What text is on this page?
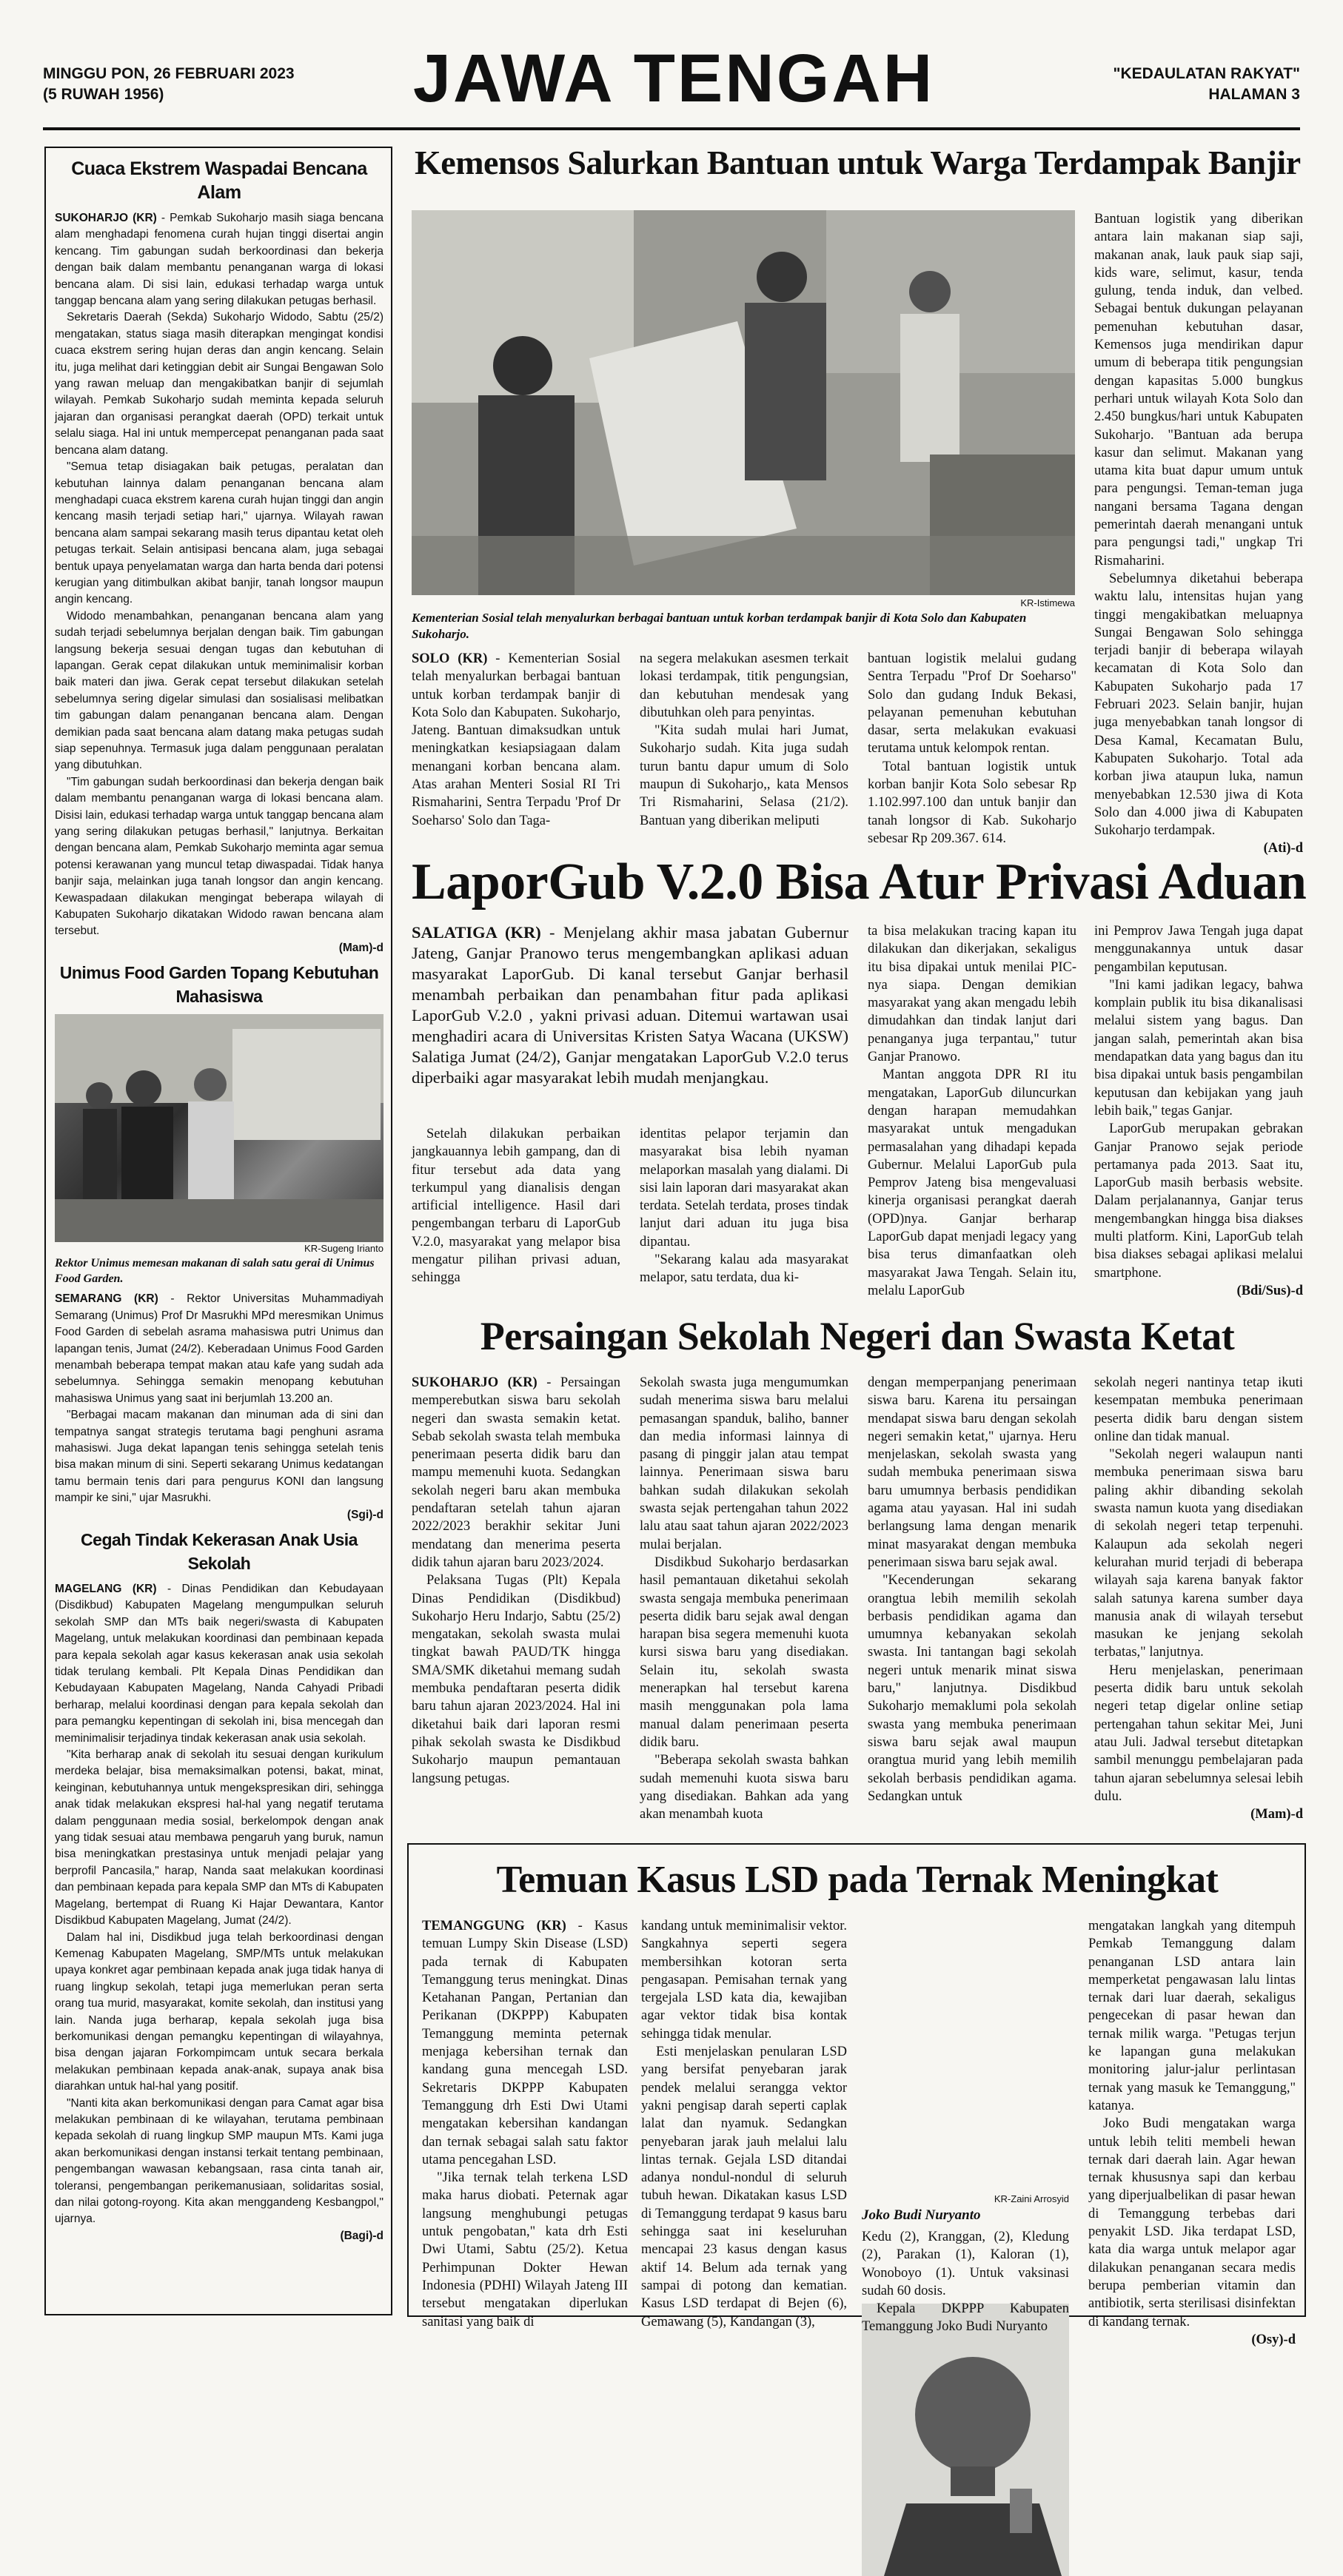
MINGGU PON, 26 FEBRUARI 2023
(5 RUWAH 1956)	JAWA TENGAH	"KEDAULATAN RAKYAT"
HALAMAN 3
Cuaca Ekstrem Waspadai Bencana Alam

SUKOHARJO (KR) - Pemkab Sukoharjo masih siaga bencana alam menghadapi fenomena curah hujan tinggi disertai angin kencang. Tim gabungan sudah berkoordinasi dan bekerja dengan baik dalam membantu penanganan warga di lokasi bencana alam. Di sisi lain, edukasi terhadap warga untuk tanggap bencana alam yang sering dilakukan petugas berhasil.

Sekretaris Daerah (Sekda) Sukoharjo Widodo, Sabtu (25/2) mengatakan, status siaga masih diterapkan mengingat kondisi cuaca ekstrem sering hujan deras dan angin kencang. Selain itu, juga melihat dari ketinggian debit air Sungai Bengawan Solo yang rawan meluap dan mengakibatkan banjir di sejumlah wilayah. Pemkab Sukoharjo sudah meminta kepada seluruh jajaran dan organisasi perangkat daerah (OPD) terkait untuk selalu siaga. Hal ini untuk mempercepat penanganan pada saat bencana alam datang.

"Semua tetap disiagakan baik petugas, peralatan dan kebutuhan lainnya dalam penanganan bencana alam menghadapi cuaca ekstrem karena curah hujan tinggi dan angin kencang masih terjadi setiap hari," ujarnya. Wilayah rawan bencana alam sampai sekarang masih terus dipantau ketat oleh petugas terkait. Selain antisipasi bencana alam, juga sebagai bentuk upaya penyelamatan warga dan harta benda dari potensi kerugian yang ditimbulkan akibat banjir, tanah longsor maupun angin kencang.

Widodo menambahkan, penanganan bencana alam yang sudah terjadi sebelumnya berjalan dengan baik. Tim gabungan langsung bekerja sesuai dengan tugas dan kebutuhan di lapangan. Gerak cepat dilakukan untuk meminimalisir korban baik materi dan jiwa. Gerak cepat tersebut dilakukan setelah sebelumnya sering digelar simulasi dan sosialisasi melibatkan tim gabungan dalam penanganan bencana alam. Dengan demikian pada saat bencana alam datang maka petugas sudah siap sepenuhnya. Termasuk juga dalam penggunaan peralatan yang dibutuhkan.

"Tim gabungan sudah berkoordinasi dan bekerja dengan baik dalam membantu penanganan warga di lokasi bencana alam. Disisi lain, edukasi terhadap warga untuk tanggap bencana alam yang sering dilakukan petugas berhasil," lanjutnya. Berkaitan dengan bencana alam, Pemkab Sukoharjo meminta agar semua potensi kerawanan yang muncul tetap diwaspadai. Tidak hanya banjir saja, melainkan juga tanah longsor dan angin kencang. Kewaspadaan dilakukan mengingat beberapa wilayah di Kabupaten Sukoharjo dikatakan Widodo rawan bencana alam tersebut.

(Mam)-d
Unimus Food Garden Topang Kebutuhan Mahasiswa
KR-Sugeng Irianto
Rektor Unimus memesan makanan di salah satu gerai di Unimus Food Garden.

SEMARANG (KR) - Rektor Universitas Muhammadiyah Semarang (Unimus) Prof Dr Masrukhi MPd meresmikan Unimus Food Garden di sebelah asrama mahasiswa putri Unimus dan lapangan tenis, Jumat (24/2). Keberadaan Unimus Food Garden menambah beberapa tempat makan atau kafe yang sudah ada sebelumnya. Sehingga semakin menopang kebutuhan mahasiswa Unimus yang saat ini berjumlah 13.200 an.

"Berbagai macam makanan dan minuman ada di sini dan tempatnya sangat strategis terutama bagi penghuni asrama mahasiswi. Juga dekat lapangan tenis sehingga setelah tenis bisa makan minum di sini. Seperti sekarang Unimus kedatangan tamu bermain tenis dari para pengurus KONI dan langsung mampir ke sini," ujar Masrukhi.

(Sgi)-d
Cegah Tindak Kekerasan Anak Usia Sekolah

MAGELANG (KR) - Dinas Pendidikan dan Kebudayaan (Disdikbud) Kabupaten Magelang mengumpulkan seluruh sekolah SMP dan MTs baik negeri/swasta di Kabupaten Magelang, untuk melakukan koordinasi dan pembinaan kepada para kepala sekolah agar kasus kekerasan anak usia sekolah tidak terulang kembali. Plt Kepala Dinas Pendidikan dan Kebudayaan Kabupaten Magelang, Nanda Cahyadi Pribadi berharap, melalui koordinasi dengan para kepala sekolah dan para pemangku kepentingan di sekolah ini, bisa mencegah dan meminimalisir terjadinya tindak kekerasan anak usia sekolah.

"Kita berharap anak di sekolah itu sesuai dengan kurikulum merdeka belajar, bisa memaksimalkan potensi, bakat, minat, keinginan, kebutuhannya untuk mengekspresikan diri, sehingga anak tidak melakukan ekspresi hal-hal yang negatif terutama dalam penggunaan media sosial, berkelompok dengan anak yang tidak sesuai atau membawa pengaruh yang buruk, namun bisa meningkatkan prestasinya untuk menjadi pelajar yang berprofil Pancasila," harap, Nanda saat melakukan koordinasi dan pembinaan kepada para kepala SMP dan MTs di Kabupaten Magelang, bertempat di Ruang Ki Hajar Dewantara, Kantor Disdikbud Kabupaten Magelang, Jumat (24/2).

Dalam hal ini, Disdikbud juga telah berkoordinasi dengan Kemenag Kabupaten Magelang, SMP/MTs untuk melakukan upaya konkret agar pembinaan kepada anak juga tidak hanya di ruang lingkup sekolah, tetapi juga memerlukan peran serta orang tua murid, masyarakat, komite sekolah, dan institusi yang lain. Nanda juga berharap, kepala sekolah juga bisa berkomunikasi dengan pemangku kepentingan di wilayahnya, bisa dengan jajaran Forkompimcam untuk secara berkala melakukan pembinaan kepada anak-anak, supaya anak bisa diarahkan untuk hal-hal yang positif.

"Nanti kita akan berkomunikasi dengan para Camat agar bisa melakukan pembinaan di ke wilayahan, terutama pembinaan kepada sekolah di ruang lingkup SMP maupun MTs. Kami juga akan berkomunikasi dengan instansi terkait tentang pembinaan, pengembangan wawasan kebangsaan, rasa cinta tanah air, toleransi, pengembangan perikemanusiaan, solidaritas sosial, dan nilai gotong-royong. Kita akan menggandeng Kesbangpol," ujarnya.

(Bagi)-d
Kemensos Salurkan Bantuan untuk Warga Terdampak Banjir
KR-Istimewa
Kementerian Sosial telah menyalurkan berbagai bantuan untuk korban terdampak banjir di Kota Solo dan Kabupaten Sukoharjo.

SOLO (KR) - Kementerian Sosial telah menyalurkan berbagai bantuan untuk korban terdampak banjir di Kota Solo dan Kabupaten. Sukoharjo, Jateng. Bantuan dimaksudkan untuk meningkatkan kesiapsiagaan dalam menangani korban bencana alam. Atas arahan Menteri Sosial RI Tri Rismaharini, Sentra Terpadu 'Prof Dr Soeharso' Solo dan Taga-

na segera melakukan asesmen terkait lokasi terdampak, titik pengungsian, dan kebutuhan mendesak yang dibutuhkan oleh para penyintas.

"Kita sudah mulai hari Jumat, Sukoharjo sudah. Kita juga sudah turun bantu dapur umum di Solo maupun di Sukoharjo,, kata Mensos Tri Rismaharini, Selasa (21/2). Bantuan yang diberikan meliputi

bantuan logistik melalui gudang Sentra Terpadu "Prof Dr Soeharso" Solo dan gudang Induk Bekasi, pelayanan pemenuhan kebutuhan dasar, serta melakukan evakuasi terutama untuk kelompok rentan.

Total bantuan logistik untuk korban banjir Kota Solo sebesar Rp 1.102.997.100 dan untuk banjir dan tanah longsor di Kab. Sukoharjo sebesar Rp 209.367. 614.

Bantuan logistik yang diberikan antara lain makanan siap saji, makanan anak, lauk pauk siap saji, kids ware, selimut, kasur, tenda gulung, tenda induk, dan velbed. Sebagai bentuk dukungan pelayanan pemenuhan kebutuhan dasar, Kemensos juga mendirikan dapur umum di beberapa titik pengungsian dengan kapasitas 5.000 bungkus perhari untuk wilayah Kota Solo dan 2.450 bungkus/hari untuk Kabupaten Sukoharjo. "Bantuan ada berupa kasur dan selimut. Makanan yang utama kita buat dapur umum untuk para pengungsi. Teman-teman juga nangani bersama Tagana dengan pemerintah daerah menangani untuk para pengungsi tadi," ungkap Tri Rismaharini.

Sebelumnya diketahui beberapa waktu lalu, intensitas hujan yang tinggi mengakibatkan meluapnya Sungai Bengawan Solo sehingga terjadi banjir di beberapa wilayah kecamatan di Kota Solo dan Kabupaten Sukoharjo pada 17 Februari 2023. Selain banjir, hujan juga menyebabkan tanah longsor di Desa Kamal, Kecamatan Bulu, Kabupaten Sukoharjo. Total ada korban jiwa ataupun luka, namun menyebabkan 12.530 jiwa di Kota Solo dan 4.000 jiwa di Kabupaten Sukoharjo terdampak.

(Ati)-d
LaporGub V.2.0 Bisa Atur Privasi Aduan
SALATIGA (KR) - Menjelang akhir masa jabatan Gubernur Jateng, Ganjar Pranowo terus mengembangkan aplikasi aduan masyarakat LaporGub. Di kanal tersebut Ganjar berhasil menambah perbaikan dan penambahan fitur pada aplikasi LaporGub V.2.0 , yakni privasi aduan. Ditemui wartawan usai menghadiri acara di Universitas Kristen Satya Wacana (UKSW) Salatiga Jumat (24/2), Ganjar mengatakan LaporGub V.2.0 terus diperbaiki agar masyarakat lebih mudah menjangkau.

Setelah dilakukan perbaikan jangkauannya lebih gampang, dan di fitur tersebut ada data yang terkumpul yang dianalisis dengan artificial intelligence. Hasil dari pengembangan terbaru di LaporGub V.2.0, masyarakat yang melapor bisa mengatur pilihan privasi aduan, sehingga

identitas pelapor terjamin dan masyarakat bisa lebih nyaman melaporkan masalah yang dialami. Di sisi lain laporan dari masyarakat akan terdata. Setelah terdata, proses tindak lanjut dari aduan itu juga bisa dipantau.

"Sekarang kalau ada masyarakat melapor, satu terdata, dua ki-

ta bisa melakukan tracing kapan itu dilakukan dan dikerjakan, sekaligus itu bisa dipakai untuk menilai PIC-nya siapa. Dengan demikian masyarakat yang akan mengadu lebih dimudahkan dan tindak lanjut dari penanganya juga terpantau," tutur Ganjar Pranowo.

Mantan anggota DPR RI itu mengatakan, LaporGub diluncurkan dengan harapan memudahkan masyarakat untuk mengadukan permasalahan yang dihadapi kepada Gubernur. Melalui LaporGub pula Pemprov Jateng bisa mengevaluasi kinerja organisasi perangkat daerah (OPD)nya. Ganjar berharap LaporGub dapat menjadi legacy yang bisa terus dimanfaatkan oleh masyarakat Jawa Tengah. Selain itu, melalu LaporGub

ini Pemprov Jawa Tengah juga dapat menggunakannya untuk dasar pengambilan keputusan.

"Ini kami jadikan legacy, bahwa komplain publik itu bisa dikanalisasi melalui sistem yang bagus. Dan jangan salah, pemerintah akan bisa mendapatkan data yang bagus dan itu bisa dipakai untuk basis pengambilan keputusan dan kebijakan yang jauh lebih baik," tegas Ganjar.

LaporGub merupakan gebrakan Ganjar Pranowo sejak periode pertamanya pada 2013. Saat itu, LaporGub masih berbasis website. Dalam perjalanannya, Ganjar terus mengembangkan hingga bisa diakses multi platform. Kini, LaporGub telah bisa diakses sebagai aplikasi melalui smartphone.

(Bdi/Sus)-d
Persaingan Sekolah Negeri dan Swasta Ketat

SUKOHARJO (KR) - Persaingan memperebutkan siswa baru sekolah negeri dan swasta semakin ketat. Sebab sekolah swasta telah membuka penerimaan peserta didik baru dan mampu memenuhi kuota. Sedangkan sekolah negeri baru akan membuka pendaftaran setelah tahun ajaran 2022/2023 berakhir sekitar Juni mendatang dan menerima peserta didik tahun ajaran baru 2023/2024.

Pelaksana Tugas (Plt) Kepala Dinas Pendidikan (Disdikbud) Sukoharjo Heru Indarjo, Sabtu (25/2) mengatakan, sekolah swasta mulai tingkat bawah PAUD/TK hingga SMA/SMK diketahui memang sudah membuka pendaftaran peserta didik baru tahun ajaran 2023/2024. Hal ini diketahui baik dari laporan resmi pihak sekolah swasta ke Disdikbud Sukoharjo maupun pemantauan langsung petugas.

Sekolah swasta juga mengumumkan sudah menerima siswa baru melalui pemasangan spanduk, baliho, banner dan media informasi lainnya di pasang di pinggir jalan atau tempat lainnya. Penerimaan siswa baru bahkan sudah dilakukan sekolah swasta sejak pertengahan tahun 2022 lalu atau saat tahun ajaran 2022/2023 mulai berjalan.

Disdikbud Sukoharjo berdasarkan hasil pemantauan diketahui sekolah swasta sengaja membuka penerimaan peserta didik baru sejak awal dengan harapan bisa segera memenuhi kuota kursi siswa baru yang disediakan. Selain itu, sekolah swasta menerapkan hal tersebut karena masih menggunakan pola lama manual dalam penerimaan peserta didik baru.

"Beberapa sekolah swasta bahkan sudah memenuhi kuota siswa baru yang disediakan. Bahkan ada yang akan menambah kuota

dengan memperpanjang penerimaan siswa baru. Karena itu persaingan mendapat siswa baru dengan sekolah negeri semakin ketat," ujarnya. Heru menjelaskan, sekolah swasta yang sudah membuka penerimaan siswa baru umumnya berbasis pendidikan agama atau yayasan. Hal ini sudah berlangsung lama dengan menarik minat masyarakat dengan membuka penerimaan siswa baru sejak awal.

"Kecenderungan sekarang orangtua lebih memilih sekolah berbasis pendidikan agama dan umumnya kebanyakan sekolah swasta. Ini tantangan bagi sekolah negeri untuk menarik minat siswa baru," lanjutnya. Disdikbud Sukoharjo memaklumi pola sekolah swasta yang membuka penerimaan siswa baru sejak awal maupun orangtua murid yang lebih memilih sekolah berbasis pendidikan agama. Sedangkan untuk

sekolah negeri nantinya tetap ikuti kesempatan membuka penerimaan peserta didik baru dengan sistem online dan tidak manual.

"Sekolah negeri walaupun nanti membuka penerimaan siswa baru paling akhir dibanding sekolah swasta namun kuota yang disediakan di sekolah negeri tetap terpenuhi. Kalaupun ada sekolah negeri kelurahan murid terjadi di beberapa wilayah saja karena banyak faktor salah satunya karena sumber daya manusia anak di wilayah tersebut masukan ke jenjang sekolah terbatas," lanjutnya.

Heru menjelaskan, penerimaan peserta didik baru untuk sekolah negeri tetap digelar online setiap pertengahan tahun sekitar Mei, Juni atau Juli. Jadwal tersebut ditetapkan sambil menunggu pembelajaran pada tahun ajaran sebelumnya selesai lebih dulu.

(Mam)-d
Temuan Kasus LSD pada Ternak Meningkat

TEMANGGUNG (KR) - Kasus temuan Lumpy Skin Disease (LSD) pada ternak di Kabupaten Temanggung terus meningkat. Dinas Ketahanan Pangan, Pertanian dan Perikanan (DKPPP) Kabupaten Temanggung meminta peternak menjaga kebersihan ternak dan kandang guna mencegah LSD. Sekretaris DKPPP Kabupaten Temanggung drh Esti Dwi Utami mengatakan kebersihan kandangan dan ternak sebagai salah satu faktor utama pencegahan LSD.

"Jika ternak telah terkena LSD maka harus diobati. Peternak agar langsung menghubungi petugas untuk pengobatan," kata drh Esti Dwi Utami, Sabtu (25/2). Ketua Perhimpunan Dokter Hewan Indonesia (PDHI) Wilayah Jateng III tersebut mengatakan diperlukan sanitasi yang baik di

kandang untuk meminimalisir vektor. Sangkahnya seperti segera membersihkan kotoran serta pengasapan. Pemisahan ternak yang tergejala LSD kata dia, kewajiban agar vektor tidak bisa kontak sehingga tidak menular.

Esti menjelaskan penularan LSD yang bersifat penyebaran jarak pendek melalui serangga vektor yakni pengisap darah seperti caplak lalat dan nyamuk. Sedangkan penyebaran jarak jauh melalui lalu lintas ternak. Gejala LSD ditandai adanya nondul-nondul di seluruh tubuh hewan. Dikatakan kasus LSD di Temanggung terdapat 9 kasus baru sehingga saat ini keseluruhan mencapai 23 kasus dengan kasus aktif 14. Belum ada ternak yang sampai di potong dan kematian. Kasus LSD terdapat di Bejen (6), Gemawang (5), Kandangan (3),

KR-Zaini Arrosyid
Joko Budi Nuryanto

Kedu (2), Kranggan, (2), Kledung (2), Parakan (1), Kaloran (1), Wonoboyo (1). Untuk vaksinasi sudah 60 dosis.

Kepala DKPPP Kabupaten Temanggung Joko Budi Nuryanto

mengatakan langkah yang ditempuh Pemkab Temanggung dalam penanganan LSD antara lain memperketat pengawasan lalu lintas ternak dari luar daerah, sekaligus pengecekan di pasar hewan dan ternak milik warga. "Petugas terjun ke lapangan guna melakukan monitoring jalur-jalur perlintasan ternak yang masuk ke Temanggung," katanya.

Joko Budi mengatakan warga untuk lebih teliti membeli hewan ternak dari daerah lain. Agar hewan ternak khususnya sapi dan kerbau yang diperjualbelikan di pasar hewan di Temanggung terbebas dari penyakit LSD. Jika terdapat LSD, kata dia warga untuk melapor agar dilakukan penanganan secara medis berupa pemberian vitamin dan antibiotik, serta sterilisasi disinfektan di kandang ternak.

(Osy)-d
